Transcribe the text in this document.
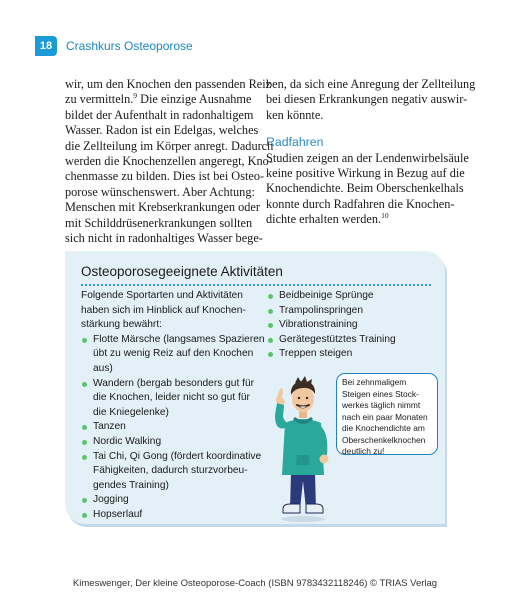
18	Crashkurs Osteoporose
wir, um den Knochen den passenden Reiz
zu vermitteln.$^9$ Die einzige Ausnahme
bildet der Aufenthalt in radonhaltigem
Wasser. Radon ist ein Edelgas, welches
die Zellteilung im Körper anregt. Dadurch
werden die Knochenzellen angeregt, Kno-
chenmasse zu bilden. Dies ist bei Osteo-
porose wünschenswert. Aber Achtung:
Menschen mit Krebserkrankungen oder
mit Schilddrüsenerkrankungen sollten
sich nicht in radonhaltiges Wasser bege-
ben, da sich eine Anregung der Zellteilung
bei diesen Erkrankungen negativ auswir-
ken könnte.
Radfahren
Studien zeigen an der Lendenwirbelsäule
keine positive Wirkung in Bezug auf die
Knochendichte. Beim Oberschenkelhals
konnte durch Radfahren die Knochen-
dichte erhalten werden.$^{10}$
Osteoporosegeeignete Aktivitäten
Folgende Sportarten und Aktivitäten
haben sich im Hinblick auf Knochen-
stärkung bewährt:
Flotte Märsche (langsames Spazieren
übt zu wenig Reiz auf den Knochen
aus)
Wandern (bergab besonders gut für
die Knochen, leider nicht so gut für
die Kniegelenke)
Tanzen
Nordic Walking
Tai Chi, Qi Gong (fördert koordinative
Fähigkeiten, dadurch sturzvorbeu-
gendes Training)
Jogging
Hopserlauf
Beidbeinige Sprünge
Trampolinspringen
Vibrationstraining
Gerätegestütztes Training
Treppen steigen
Bei zehnmaligem
Steigen eines Stock-
werkes täglich nimmt
nach ein paar Monaten
die Knochendichte am
Oberschenkelknochen
deutlich zu!
Kimeswenger, Der kleine Osteoporose-Coach (ISBN 9783432118246) © TRIAS Verlag
